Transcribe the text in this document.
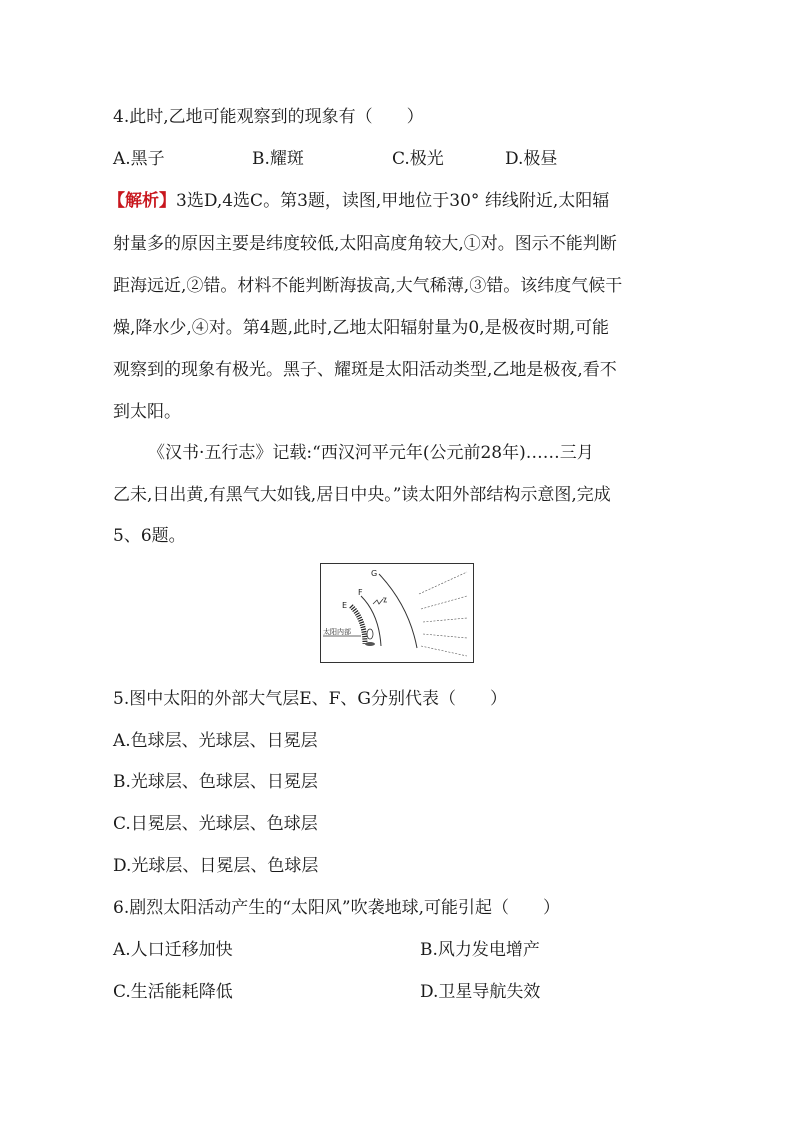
4.此时,乙地可能观察到的现象有（　　）
A.黑子	B.耀斑	C.极光	D.极昼
【解析】3选D,4选C。第3题，读图,甲地位于30° 纬线附近,太阳辐
射量多的原因主要是纬度较低,太阳高度角较大,①对。图示不能判断
距海远近,②错。材料不能判断海拔高,大气稀薄,③错。该纬度气候干
燥,降水少,④对。第4题,此时,乙地太阳辐射量为0,是极夜时期,可能
观察到的现象有极光。黑子、耀斑是太阳活动类型,乙地是极夜,看不
到太阳。
《汉书·五行志》记载:“西汉河平元年(公元前28年)……三月
乙未,日出黄,有黑气大如钱,居日中央。”读太阳外部结构示意图,完成
5、6题。
G
F
E
太阳内部
5.图中太阳的外部大气层E、F、G分别代表（　　）
A.色球层、光球层、日冕层
B.光球层、色球层、日冕层
C.日冕层、光球层、色球层
D.光球层、日冕层、色球层
6.剧烈太阳活动产生的“太阳风”吹袭地球,可能引起（　　）
A.人口迁移加快	B.风力发电增产
C.生活能耗降低	D.卫星导航失效
